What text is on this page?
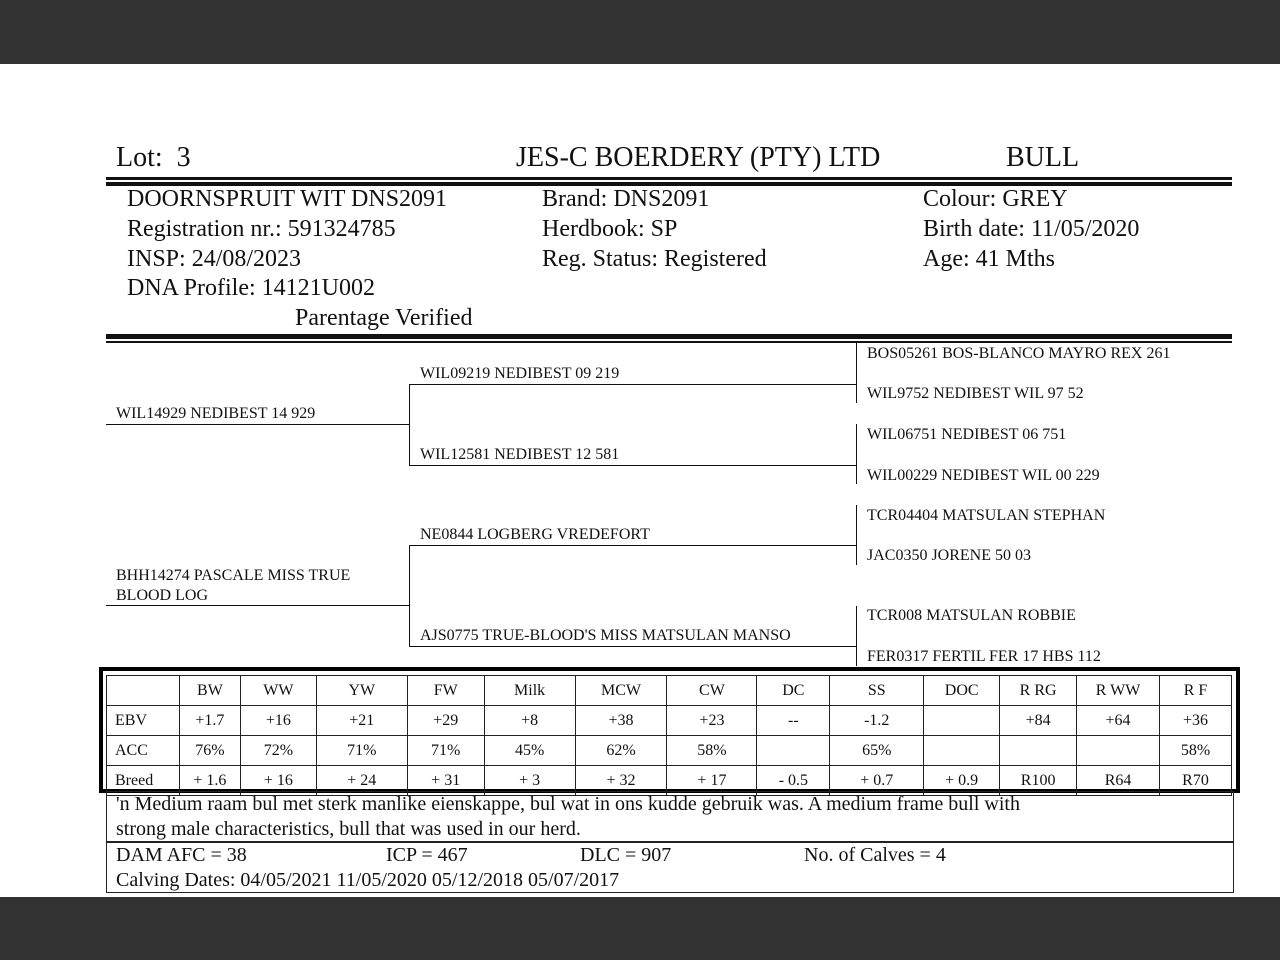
Lot: 3	JES-C BOERDERY (PTY) LTD	BULL
DOORNSPRUIT WIT DNS2091
Registration nr.: 591324785
INSP: 24/08/2023
DNA Profile: 14121U002
Parentage Verified
Brand: DNS2091
Herdbook: SP
Reg. Status: Registered
Colour: GREY
Birth date: 11/05/2020
Age: 41 Mths
WIL14929 NEDIBEST 14 929
BHH14274 PASCALE MISS TRUE BLOOD LOG
WIL09219 NEDIBEST 09 219
WIL12581 NEDIBEST 12 581
NE0844 LOGBERG VREDEFORT
AJS0775 TRUE-BLOOD'S MISS MATSULAN MANSO
BOS05261 BOS-BLANCO MAYRO REX 261
WIL9752 NEDIBEST WIL 97 52
WIL06751 NEDIBEST 06 751
WIL00229 NEDIBEST WIL 00 229
TCR04404 MATSULAN STEPHAN
JAC0350 JORENE 50 03
TCR008 MATSULAN ROBBIE
FER0317 FERTIL FER 17 HBS 112
	BW	WW	YW	FW	Milk	MCW	CW	DC	SS	DOC	R RG	R WW	R F
EBV	+1.7	+16	+21	+29	+8	+38	+23	--	-1.2		+84	+64	+36
ACC	76%	72%	71%	71%	45%	62%	58%		65%				58%
Breed	+ 1.6	+ 16	+ 24	+ 31	+ 3	+ 32	+ 17	- 0.5	+ 0.7	+ 0.9	R100	R64	R70
'n Medium raam bul met sterk manlike eienskappe, bul wat in ons kudde gebruik was. A medium frame bull with
strong male characteristics, bull that was used in our herd.
DAM AFC = 38	ICP = 467	DLC = 907	No. of Calves = 4
Calving Dates: 04/05/2021 11/05/2020 05/12/2018 05/07/2017
